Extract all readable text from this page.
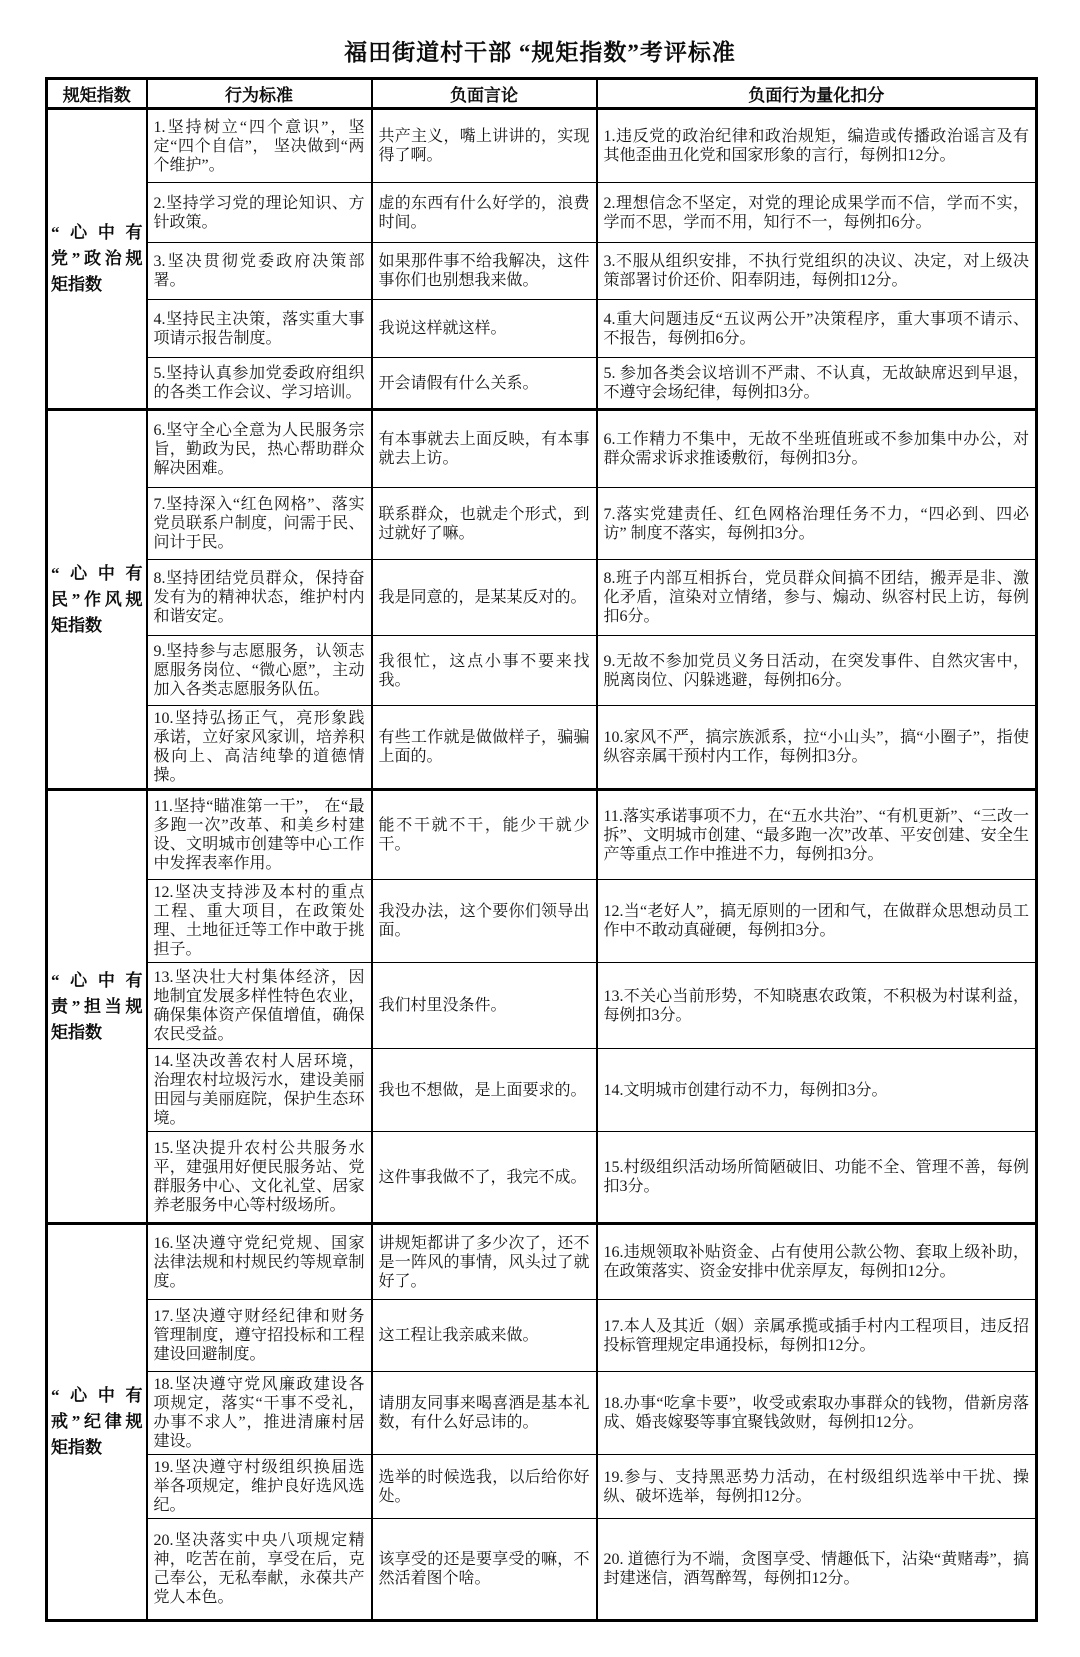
福田街道村干部 “规矩指数”考评标准
规矩指数	行为标准	负面言论	负面行为量化扣分
“心中有党”政治规矩指数	1.坚持树立“四个意识”，坚定“四个自信”， 坚决做到“两个维护”。	共产主义，嘴上讲讲的，实现得了啊。	1.违反党的政治纪律和政治规矩，编造或传播政治谣言及有其他歪曲丑化党和国家形象的言行，每例扣12分。
	2.坚持学习党的理论知识、方针政策。	虚的东西有什么好学的，浪费时间。	2.理想信念不坚定，对党的理论成果学而不信，学而不实，学而不思，学而不用，知行不一，每例扣6分。
	3.坚决贯彻党委政府决策部署。	如果那件事不给我解决，这件事你们也别想我来做。	3.不服从组织安排，不执行党组织的决议、决定，对上级决策部署讨价还价、阳奉阴违，每例扣12分。
	4.坚持民主决策，落实重大事项请示报告制度。	我说这样就这样。	4.重大问题违反“五议两公开”决策程序，重大事项不请示、不报告，每例扣6分。
	5.坚持认真参加党委政府组织的各类工作会议、学习培训。	开会请假有什么关系。	5. 参加各类会议培训不严肃、不认真，无故缺席迟到早退，不遵守会场纪律，每例扣3分。
“心中有民”作风规矩指数	6.坚守全心全意为人民服务宗旨，勤政为民，热心帮助群众解决困难。	有本事就去上面反映，有本事就去上访。	6.工作精力不集中，无故不坐班值班或不参加集中办公，对群众需求诉求推诿敷衍，每例扣3分。
	7.坚持深入“红色网格”、落实党员联系户制度，问需于民、问计于民。	联系群众，也就走个形式，到过就好了嘛。	7.落实党建责任、红色网格治理任务不力，“四必到、四必访” 制度不落实，每例扣3分。
	8.坚持团结党员群众，保持奋发有为的精神状态，维护村内和谐安定。	我是同意的，是某某反对的。	8.班子内部互相拆台，党员群众间搞不团结，搬弄是非、激化矛盾，渲染对立情绪，参与、煽动、纵容村民上访，每例扣6分。
	9.坚持参与志愿服务，认领志愿服务岗位、“微心愿”，主动加入各类志愿服务队伍。	我很忙，这点小事不要来找我。	9.无故不参加党员义务日活动，在突发事件、自然灾害中，脱离岗位、闪躲逃避，每例扣6分。
	10.坚持弘扬正气，亮形象践承诺，立好家风家训，培养积极向上、高洁纯挚的道德情操。	有些工作就是做做样子，骗骗上面的。	10.家风不严，搞宗族派系，拉“小山头”，搞“小圈子”，指使纵容亲属干预村内工作，每例扣3分。
“心中有责”担当规矩指数	11.坚持“瞄准第一干”， 在“最多跑一次”改革、和美乡村建设、文明城市创建等中心工作中发挥表率作用。	能不干就不干，能少干就少干。	11.落实承诺事项不力，在“五水共治”、“有机更新”、“三改一拆”、文明城市创建、“最多跑一次”改革、平安创建、安全生产等重点工作中推进不力，每例扣3分。
	12.坚决支持涉及本村的重点工程、重大项目，在政策处理、土地征迁等工作中敢于挑担子。	我没办法，这个要你们领导出面。	12.当“老好人”，搞无原则的一团和气，在做群众思想动员工作中不敢动真碰硬，每例扣3分。
	13.坚决壮大村集体经济，因地制宜发展多样性特色农业，确保集体资产保值增值，确保农民受益。	我们村里没条件。	13.不关心当前形势，不知晓惠农政策，不积极为村谋利益，每例扣3分。
	14.坚决改善农村人居环境，治理农村垃圾污水，建设美丽田园与美丽庭院，保护生态环境。	我也不想做，是上面要求的。	14.文明城市创建行动不力，每例扣3分。
	15.坚决提升农村公共服务水平，建强用好便民服务站、党群服务中心、文化礼堂、居家养老服务中心等村级场所。	这件事我做不了，我完不成。	15.村级组织活动场所简陋破旧、功能不全、管理不善，每例扣3分。
“心中有戒”纪律规矩指数	16.坚决遵守党纪党规、国家法律法规和村规民约等规章制度。	讲规矩都讲了多少次了，还不是一阵风的事情，风头过了就好了。	16.违规领取补贴资金、占有使用公款公物、套取上级补助，在政策落实、资金安排中优亲厚友，每例扣12分。
	17.坚决遵守财经纪律和财务管理制度，遵守招投标和工程建设回避制度。	这工程让我亲戚来做。	17.本人及其近（姻）亲属承揽或插手村内工程项目，违反招投标管理规定串通投标，每例扣12分。
	18.坚决遵守党风廉政建设各项规定，落实“干事不受礼，办事不求人”，推进清廉村居建设。	请朋友同事来喝喜酒是基本礼数，有什么好忌讳的。	18.办事“吃拿卡要”，收受或索取办事群众的钱物，借新房落成、婚丧嫁娶等事宜聚钱敛财，每例扣12分。
	19.坚决遵守村级组织换届选举各项规定，维护良好选风选纪。	选举的时候选我，以后给你好处。	19.参与、支持黑恶势力活动，在村级组织选举中干扰、操纵、破坏选举，每例扣12分。
	20.坚决落实中央八项规定精神，吃苦在前，享受在后，克己奉公，无私奉献，永葆共产党人本色。	该享受的还是要享受的嘛，不然活着图个啥。	20. 道德行为不端，贪图享受、情趣低下，沾染“黄赌毒”，搞封建迷信，酒驾醉驾，每例扣12分。
